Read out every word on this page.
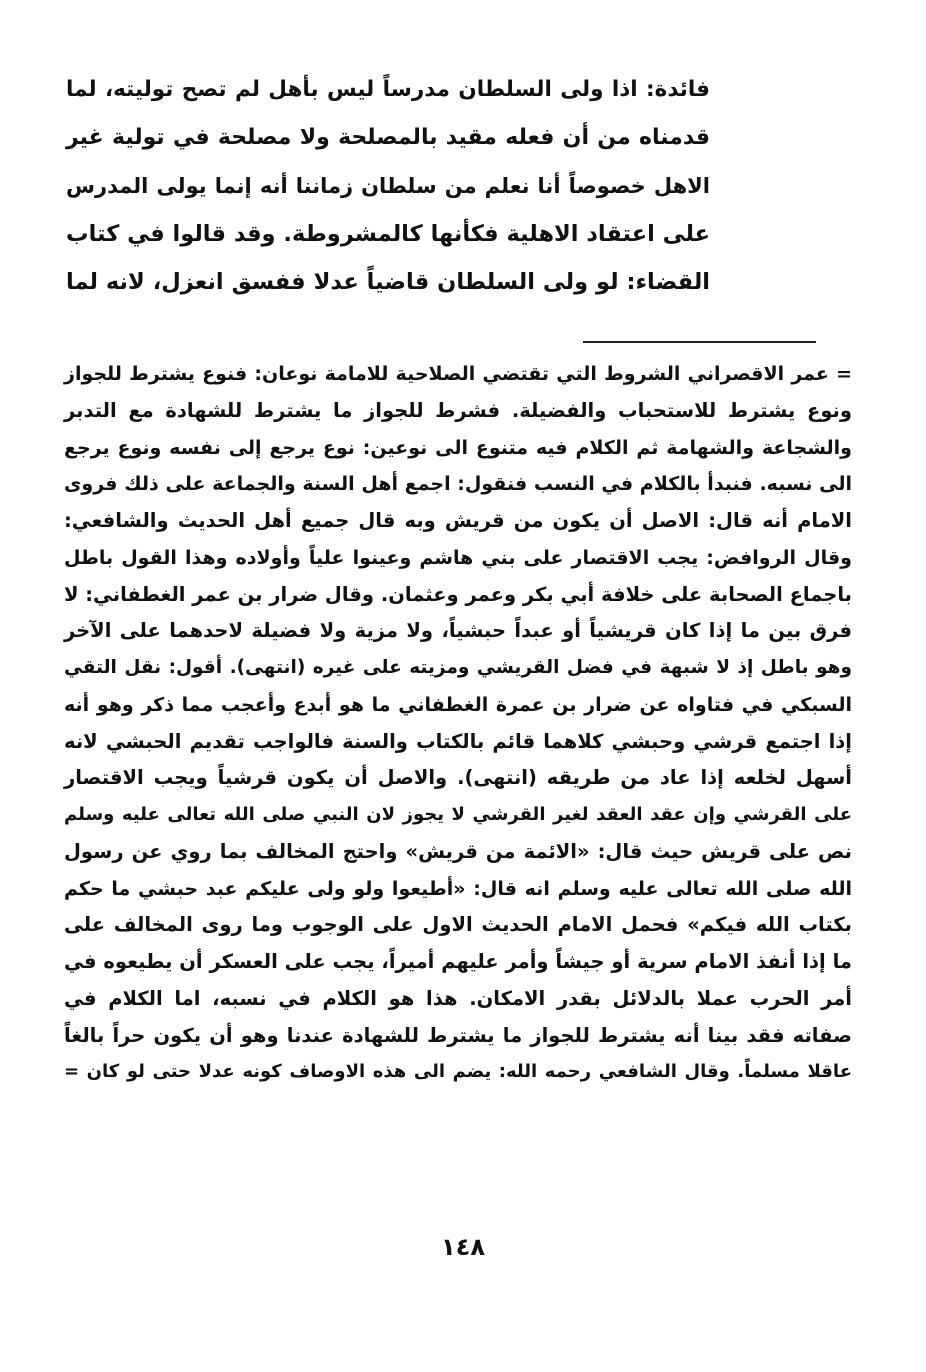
فائدة: اذا ولى السلطان مدرساً ليس بأهل لم تصح توليته، لما
قدمناه من أن فعله مقيد بالمصلحة ولا مصلحة في تولية غير
الاهل خصوصاً أنا نعلم من سلطان زماننا أنه إنما يولى المدرس
على اعتقاد الاهلية فكأنها كالمشروطة. وقد قالوا في كتاب
القضاء: لو ولى السلطان قاضياً عدلا ففسق انعزل، لانه لما
= عمر الاقصراني الشروط التي تقتضي الصلاحية للامامة نوعان: فنوع يشترط للجواز
ونوع يشترط للاستحباب والفضيلة. فشرط للجواز ما يشترط للشهادة مع التدبر
والشجاعة والشهامة ثم الكلام فيه متنوع الى نوعين: نوع يرجع إلى نفسه ونوع يرجع
الى نسبه. فنبدأ بالكلام في النسب فنقول: اجمع أهل السنة والجماعة على ذلك فروى
الامام أنه قال: الاصل أن يكون من قريش وبه قال جميع أهل الحديث والشافعي:
وقال الروافض: يجب الاقتصار على بني هاشم وعينوا علياً وأولاده وهذا القول باطل
باجماع الصحابة على خلافة أبي بكر وعمر وعثمان. وقال ضرار بن عمر الغطفاني: لا
فرق بين ما إذا كان قريشياً أو عبداً حبشياً، ولا مزية ولا فضيلة لاحدهما على الآخر
وهو باطل إذ لا شبهة في فضل القريشي ومزيته على غيره (انتهى). أقول: نقل التقي
السبكي في فتاواه عن ضرار بن عمرة الغطفاني ما هو أبدع وأعجب مما ذكر وهو أنه
إذا اجتمع قرشي وحبشي كلاهما قائم بالكتاب والسنة فالواجب تقديم الحبشي لانه
أسهل لخلعه إذا عاد من طريقه (انتهى). والاصل أن يكون قرشياً ويجب الاقتصار
على القرشي وإن عقد العقد لغير القرشي لا يجوز لان النبي صلى الله تعالى عليه وسلم
نص على قريش حيث قال: «الائمة من قريش» واحتج المخالف بما روي عن رسول
الله صلى الله تعالى عليه وسلم انه قال: «أطيعوا ولو ولى عليكم عبد حبشي ما حكم
بكتاب الله فيكم» فحمل الامام الحديث الاول على الوجوب وما روى المخالف على
ما إذا أنفذ الامام سرية أو جيشاً وأمر عليهم أميراً، يجب على العسكر أن يطيعوه في
أمر الحرب عملا بالدلائل بقدر الامكان. هذا هو الكلام في نسبه، اما الكلام في
صفاته فقد بينا أنه يشترط للجواز ما يشترط للشهادة عندنا وهو أن يكون حراً بالغاً
عاقلا مسلماً. وقال الشافعي رحمه الله: يضم الى هذه الاوصاف كونه عدلا حتى لو كان =
١٤٨
